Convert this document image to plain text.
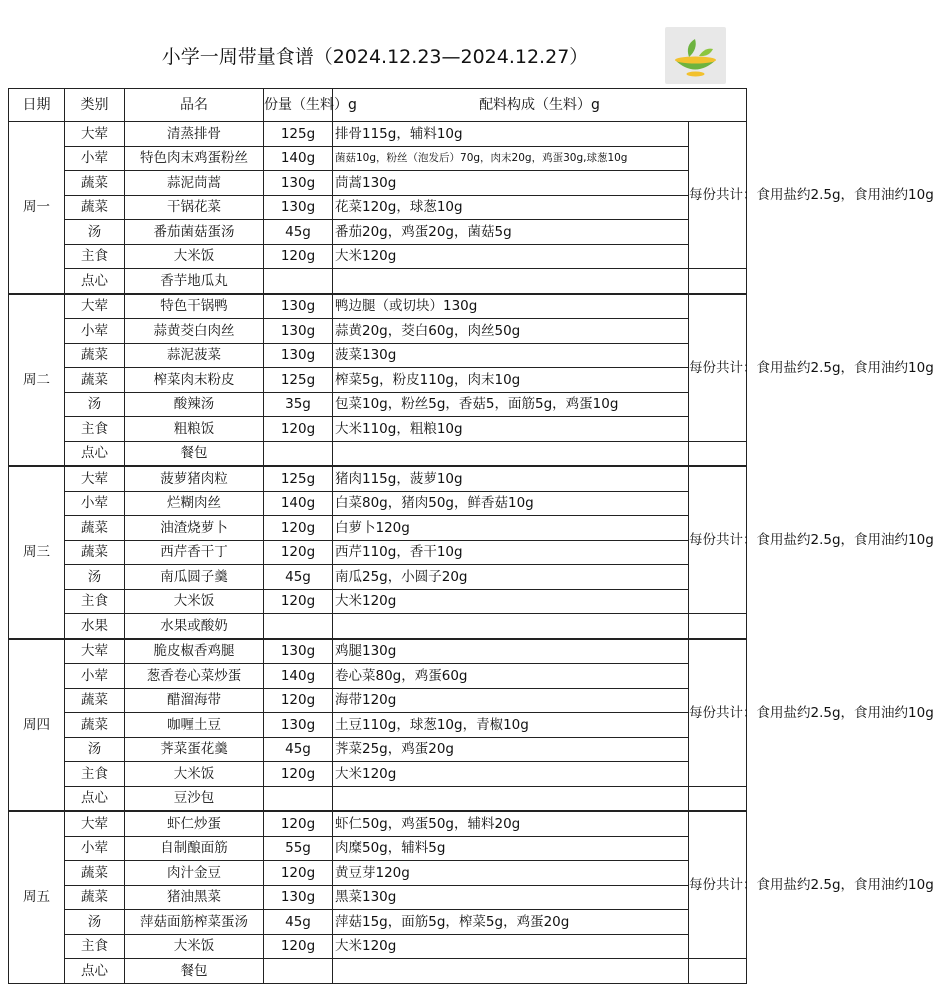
小学一周带量食谱（2024.12.23—2024.12.27）
日期	类别	品名	份量（生料）g	配料构成（生料）g	
周一	大荤	清蒸排骨	125g	排骨115g，辅料10g	每份共计：食用盐约2.5g，食用油约10g
	小荤	特色肉末鸡蛋粉丝	140g	菌菇10g，粉丝（泡发后）70g，肉末20g，鸡蛋30g,球葱10g	
	蔬菜	蒜泥茼蒿	130g	茼蒿130g	
	蔬菜	干锅花菜	130g	花菜120g，球葱10g	
	汤	番茄菌菇蛋汤	45g	番茄20g，鸡蛋20g，菌菇5g	
	主食	大米饭	120g	大米120g	
	点心	香芋地瓜丸			
周二	大荤	特色干锅鸭	130g	鸭边腿（或切块）130g	每份共计：食用盐约2.5g，食用油约10g
	小荤	蒜黄茭白肉丝	130g	蒜黄20g，茭白60g，肉丝50g	
	蔬菜	蒜泥菠菜	130g	菠菜130g	
	蔬菜	榨菜肉末粉皮	125g	榨菜5g，粉皮110g，肉末10g	
	汤	酸辣汤	35g	包菜10g，粉丝5g，香菇5，面筋5g，鸡蛋10g	
	主食	粗粮饭	120g	大米110g，粗粮10g	
	点心	餐包			
周三	大荤	菠萝猪肉粒	125g	猪肉115g，菠萝10g	每份共计：食用盐约2.5g，食用油约10g
	小荤	烂糊肉丝	140g	白菜80g，猪肉50g，鲜香菇10g	
	蔬菜	油渣烧萝卜	120g	白萝卜120g	
	蔬菜	西芹香干丁	120g	西芹110g，香干10g	
	汤	南瓜圆子羹	45g	南瓜25g，小圆子20g	
	主食	大米饭	120g	大米120g	
	水果	水果或酸奶			
周四	大荤	脆皮椒香鸡腿	130g	鸡腿130g	每份共计：食用盐约2.5g，食用油约10g
	小荤	葱香卷心菜炒蛋	140g	卷心菜80g，鸡蛋60g	
	蔬菜	醋溜海带	120g	海带120g	
	蔬菜	咖喱土豆	130g	土豆110g，球葱10g，青椒10g	
	汤	荠菜蛋花羹	45g	荠菜25g，鸡蛋20g	
	主食	大米饭	120g	大米120g	
	点心	豆沙包			
周五	大荤	虾仁炒蛋	120g	虾仁50g，鸡蛋50g，辅料20g	每份共计：食用盐约2.5g，食用油约10g
	小荤	自制酿面筋	55g	肉糜50g，辅料5g	
	蔬菜	肉汁金豆	120g	黄豆芽120g	
	蔬菜	猪油黑菜	130g	黑菜130g	
	汤	萍菇面筋榨菜蛋汤	45g	萍菇15g，面筋5g，榨菜5g，鸡蛋20g	
	主食	大米饭	120g	大米120g	
	点心	餐包			
